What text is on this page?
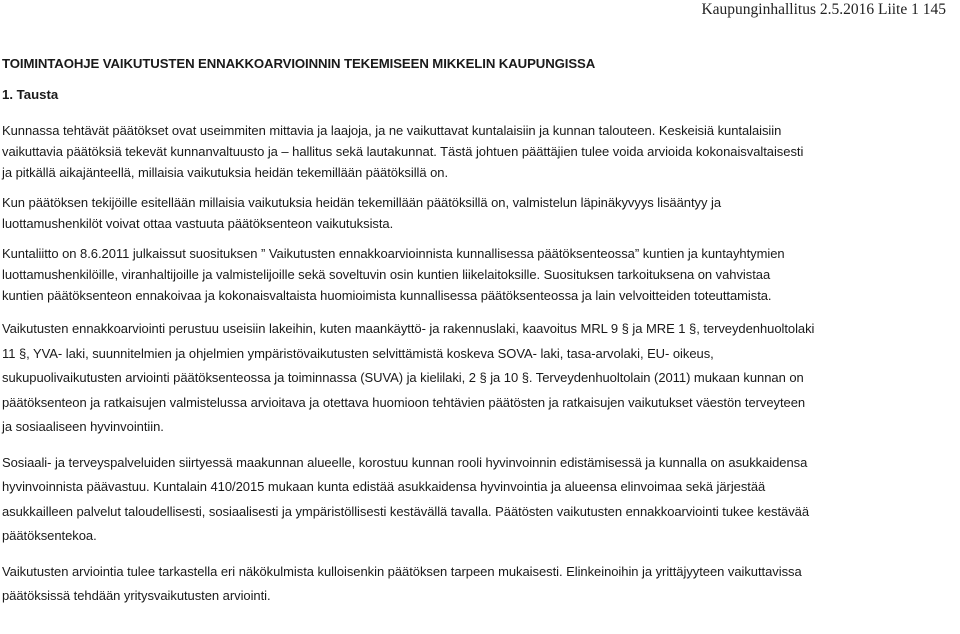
Kaupunginhallitus 2.5.2016 Liite 1 145
TOIMINTAOHJE VAIKUTUSTEN ENNAKKOARVIOINNIN TEKEMISEEN MIKKELIN KAUPUNGISSA
1. Tausta

Kunnassa tehtävät päätökset ovat useimmiten mittavia ja laajoja, ja ne vaikuttavat kuntalaisiin ja kunnan talouteen. Keskeisiä kuntalaisiin
vaikuttavia päätöksiä tekevät kunnanvaltuusto ja – hallitus sekä lautakunnat. Tästä johtuen päättäjien tulee voida arvioida kokonaisvaltaisesti
ja pitkällä aikajänteellä, millaisia vaikutuksia heidän tekemillään päätöksillä on.

Kun päätöksen tekijöille esitellään millaisia vaikutuksia heidän tekemillään päätöksillä on, valmistelun läpinäkyvyys lisääntyy ja
luottamushenkilöt voivat ottaa vastuuta päätöksenteon vaikutuksista.

Kuntaliitto on 8.6.2011 julkaissut suosituksen ” Vaikutusten ennakkoarvioinnista kunnallisessa päätöksenteossa” kuntien ja kuntayhtymien
luottamushenkilöille, viranhaltijoille ja valmistelijoille sekä soveltuvin osin kuntien liikelaitoksille. Suosituksen tarkoituksena on vahvistaa
kuntien päätöksenteon ennakoivaa ja kokonaisvaltaista huomioimista kunnallisessa päätöksenteossa ja lain velvoitteiden toteuttamista.

Vaikutusten ennakkoarviointi perustuu useisiin lakeihin, kuten maankäyttö- ja rakennuslaki, kaavoitus MRL 9 § ja MRE 1 §, terveydenhuoltolaki
11 §, YVA- laki, suunnitelmien ja ohjelmien ympäristövaikutusten selvittämistä koskeva SOVA- laki, tasa-arvolaki, EU- oikeus,
sukupuolivaikutusten arviointi päätöksenteossa ja toiminnassa (SUVA) ja kielilaki, 2 § ja 10 §. Terveydenhuoltolain (2011) mukaan kunnan on
päätöksenteon ja ratkaisujen valmistelussa arvioitava ja otettava huomioon tehtävien päätösten ja ratkaisujen vaikutukset väestön terveyteen
ja sosiaaliseen hyvinvointiin.

Sosiaali- ja terveyspalveluiden siirtyessä maakunnan alueelle, korostuu kunnan rooli hyvinvoinnin edistämisessä ja kunnalla on asukkaidensa
hyvinvoinnista päävastuu. Kuntalain 410/2015 mukaan kunta edistää asukkaidensa hyvinvointia ja alueensa elinvoimaa sekä järjestää
asukkailleen palvelut taloudellisesti, sosiaalisesti ja ympäristöllisesti kestävällä tavalla. Päätösten vaikutusten ennakkoarviointi tukee kestävää
päätöksentekoa.

Vaikutusten arviointia tulee tarkastella eri näkökulmista kulloisenkin päätöksen tarpeen mukaisesti. Elinkeinoihin ja yrittäjyyteen vaikuttavissa
päätöksissä tehdään yritysvaikutusten arviointi.
